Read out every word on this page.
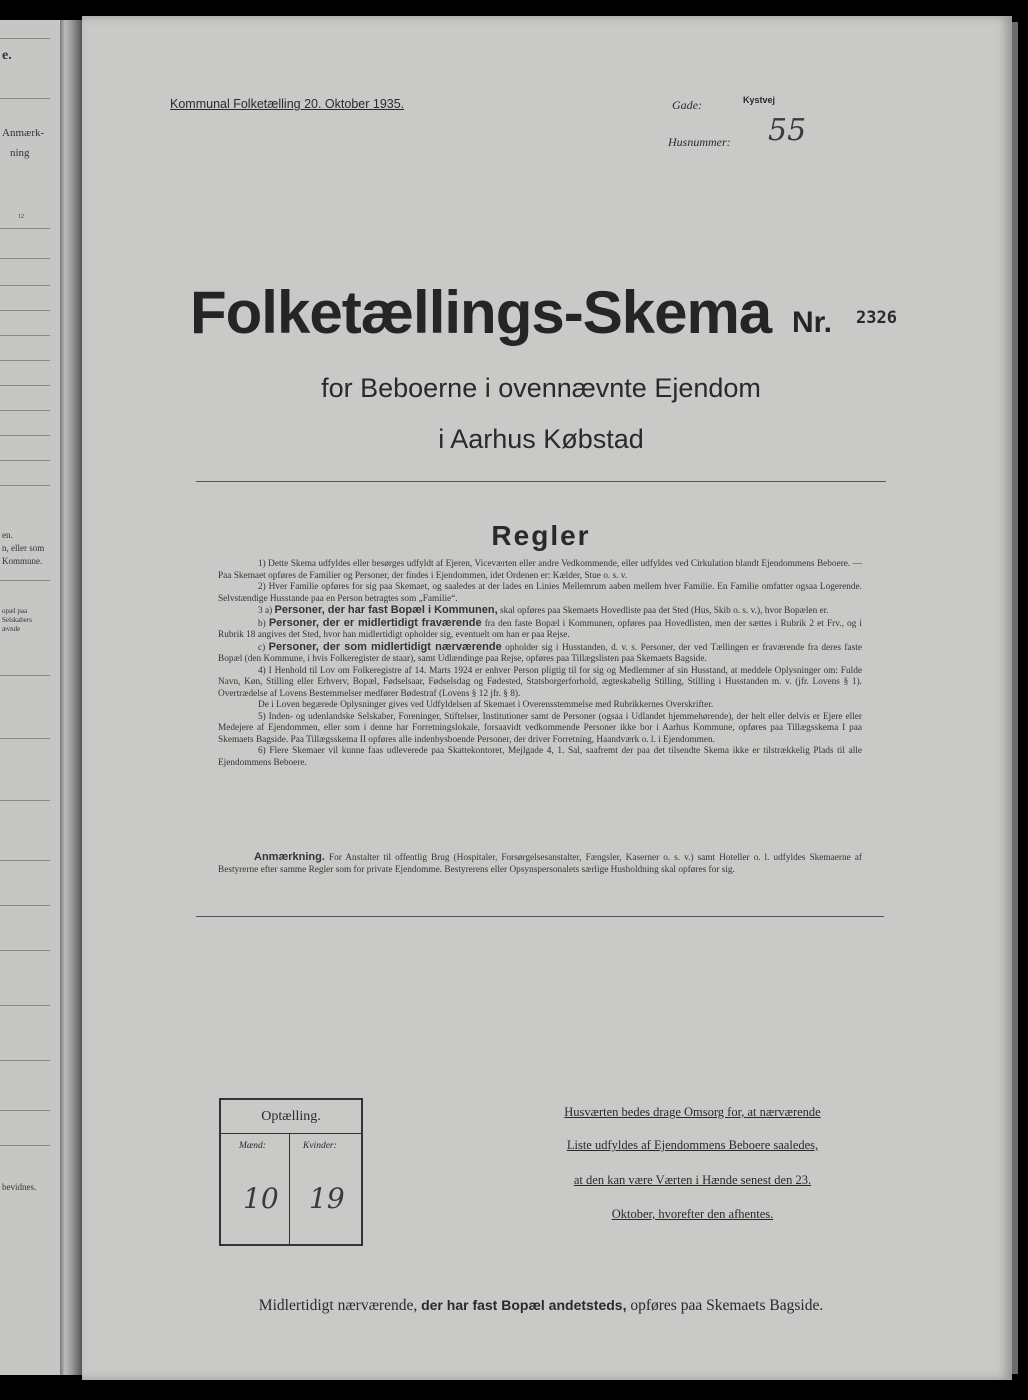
e.
Anmærk-
ning
12
en.
n, eller som
Kommune.
opæl paa
Selskabers
ævnde
bevidnes.
Kommunal Folketælling 20. Oktober 1935.	Gade:	Kystvej
Husnummer: 55
Folketællings-Skema Nr. 2326
for Beboerne i ovennævnte Ejendom
i Aarhus Købstad
Regler

1) Dette Skema udfyldes eller besørges udfyldt af Ejeren, Viceværten eller andre Vedkommende, eller udfyldes ved Cirkulation blandt Ejendommens Beboere. — Paa Skemaet opføres de Familier og Personer, der findes i Ejendommen, idet Ordenen er: Kælder, Stue o. s. v.

2) Hver Familie opføres for sig paa Skemaet, og saaledes at der lades en Linies Mellemrum aaben mellem hver Familie. En Familie omfatter ogsaa Logerende. Selvstændige Husstande paa en Person betragtes som „Familie“.

3 a) Personer, der har fast Bopæl i Kommunen, skal opføres paa Skemaets Hovedliste paa det Sted (Hus, Skib o. s. v.), hvor Bopælen er.

b) Personer, der er midlertidigt fraværende fra den faste Bopæl i Kommunen, opføres paa Hovedlisten, men der sættes i Rubrik 2 et Frv., og i Rubrik 18 angives det Sted, hvor han midlertidigt opholder sig, eventuelt om han er paa Rejse.

c) Personer, der som midlertidigt nærværende opholder sig i Husstanden, d. v. s. Personer, der ved Tællingen er fraværende fra deres faste Bopæl (den Kommune, i hvis Folkeregister de staar), samt Udlændinge paa Rejse, opføres paa Tillægslisten paa Skemaets Bagside.

4) I Henhold til Lov om Folkeregistre af 14. Marts 1924 er enhver Person pligtig til for sig og Medlemmer af sin Husstand, at meddele Oplysninger om: Fulde Navn, Køn, Stilling eller Erhverv, Bopæl, Fødselsaar, Fødselsdag og Fødested, Statsborgerforhold, ægteskabelig Stilling, Stilling i Husstanden m. v. (jfr. Lovens § 1). Overtrædelse af Lovens Bestemmelser medfører Bødestraf (Lovens § 12 jfr. § 8).

De i Loven begærede Oplysninger gives ved Udfyldelsen af Skemaet i Overensstemmelse med Rubrikkernes Overskrifter.

5) Inden- og udenlandske Selskaber, Foreninger, Stiftelser, Institutioner samt de Personer (ogsaa i Udlandet hjemmehørende), der helt eller delvis er Ejere eller Medejere af Ejendommen, eller som i denne har Forretningslokale, forsaavidt vedkommende Personer ikke bor i Aarhus Kommune, opføres paa Tillægsskema I paa Skemaets Bagside. Paa Tillægsskema II opføres alle indenbysboende Personer, der driver Forretning, Haandværk o. l. i Ejendommen.

6) Flere Skemaer vil kunne faas udleverede paa Skattekontoret, Mejlgade 4, 1. Sal, saafremt der paa det tilsendte Skema ikke er tilstrækkelig Plads til alle Ejendommens Beboere.

Anmærkning. For Anstalter til offentlig Brug (Hospitaler, Forsørgelsesanstalter, Fængsler, Kaserner o. s. v.) samt Hoteller o. l. udfyldes Skemaerne af Bestyrerne efter samme Regler som for private Ejendomme. Bestyrerens eller Opsynspersonalets særlige Husholdning skal opføres for sig.

Optælling.
Mænd:	Kvinder:
10 19
Husværten bedes drage Omsorg for, at nærværende
Liste udfyldes af Ejendommens Beboere saaledes,
at den kan være Værten i Hænde senest den 23.
Oktober, hvorefter den afhentes.
Midlertidigt nærværende, der har fast Bopæl andetsteds, opføres paa Skemaets Bagside.
